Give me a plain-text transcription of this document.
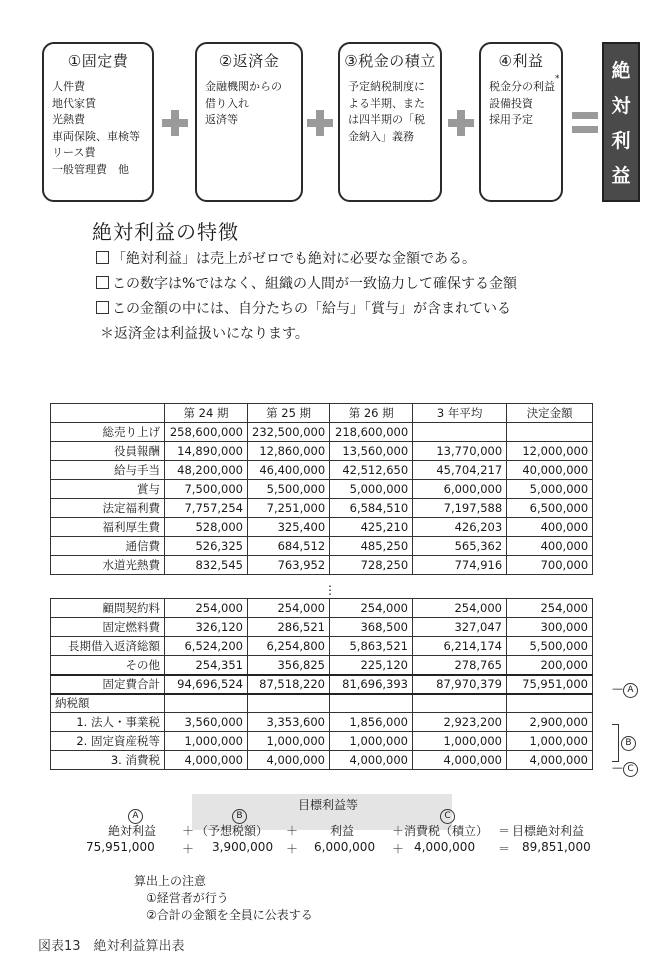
①固定費
人件費
地代家賃
光熱費
車両保険、車検等
リース費
一般管理費　他
②返済金
金融機関からの
借り入れ
返済等
③税金の積立
予定納税制度に
よる半期、また
は四半期の「税
金納入」義務
④利益
*
税金分の利益
設備投資
採用予定
絶
対
利
益
絶対利益の特徴
「絶対利益」は売上がゼロでも絶対に必要な金額である。
この数字は%ではなく、組織の人間が一致協力して確保する金額
この金額の中には、自分たちの「給与」「賞与」が含まれている
＊返済金は利益扱いになります。
	第 24 期	第 25 期	第 26 期	3 年平均	決定金額
総売り上げ	258,600,000	232,500,000	218,600,000		
役員報酬	14,890,000	12,860,000	13,560,000	13,770,000	12,000,000
給与手当	48,200,000	46,400,000	42,512,650	45,704,217	40,000,000
賞与	7,500,000	5,500,000	5,000,000	6,000,000	5,000,000
法定福利費	7,757,254	7,251,000	6,584,510	7,197,588	6,500,000
福利厚生費	528,000	325,400	425,210	426,203	400,000
通信費	526,325	684,512	485,250	565,362	400,000
水道光熱費	832,545	763,952	728,250	774,916	700,000
⋮
顧問契約料	254,000	254,000	254,000	254,000	254,000
固定燃料費	326,120	286,521	368,500	327,047	300,000
長期借入返済総額	6,524,200	6,254,800	5,863,521	6,214,174	5,500,000
その他	254,351	356,825	225,120	278,765	200,000
固定費合計	94,696,524	87,518,220	81,696,393	87,970,379	75,951,000
納税額					
1. 法人・事業税	3,560,000	3,353,600	1,856,000	2,923,200	2,900,000
2. 固定資産税等	1,000,000	1,000,000	1,000,000	1,000,000	1,000,000
3. 消費税	4,000,000	4,000,000	4,000,000	4,000,000	4,000,000
— A
B
— C
目標利益等
A	B	C
絶対利益 ＋ （予想税額） ＋	利益	＋ 消費税（積立） ＝ 目標絶対利益
75,951,000 ＋ 3,900,000 ＋ 6,000,000 ＋ 4,000,000 ＝ 89,851,000
算出上の注意
①経営者が行う
②合計の金額を全員に公表する
図表13　絶対利益算出表
